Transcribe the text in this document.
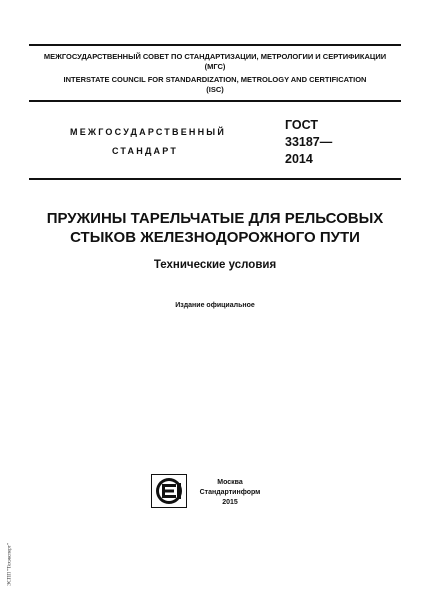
МЕЖГОСУДАРСТВЕННЫЙ СОВЕТ ПО СТАНДАРТИЗАЦИИ, МЕТРОЛОГИИ И СЕРТИФИКАЦИИ
(МГС)
INTERSTATE COUNCIL FOR STANDARDIZATION, METROLOGY AND CERTIFICATION
(ISC)
МЕЖГОСУДАРСТВЕННЫЙ
СТАНДАРТ
ГОСТ
33187—
2014
ПРУЖИНЫ ТАРЕЛЬЧАТЫЕ ДЛЯ РЕЛЬСОВЫХ
СТЫКОВ ЖЕЛЕЗНОДОРОЖНОГО ПУТИ
Технические условия
Издание официальное
Москва
Стандартинформ
2015
ЭСПП "Техэксперт"
